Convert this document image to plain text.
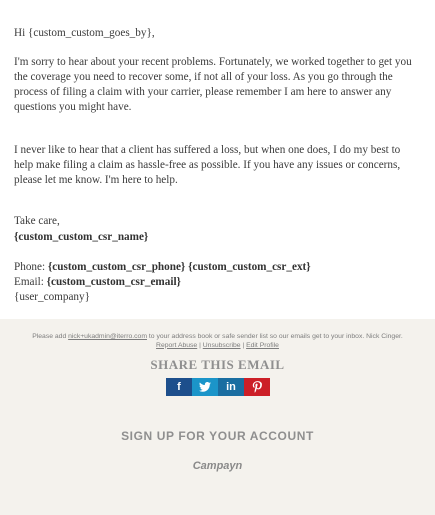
Hi {custom_custom_goes_by},

I'm sorry to hear about your recent problems. Fortunately, we worked together to get you the coverage you need to recover some, if not all of your loss. As you go through the process of filing a claim with your carrier, please remember I am here to answer any questions you might have.

I never like to hear that a client has suffered a loss, but when one does, I do my best to help make filing a claim as hassle-free as possible. If you have any issues or concerns, please let me know. I'm here to help.

Take care,

{custom_custom_csr_name}

Phone: {custom_custom_csr_phone} {custom_custom_csr_ext}

Email: {custom_custom_csr_email}

{user_company}

Please add nick+ukadmin@iterro.com to your address book or safe sender list so our emails get to your inbox. Nick Cinger.
Report Abuse | Unsubscribe | Edit Profile
SHARE THIS EMAIL
f	in
SIGN UP FOR YOUR ACCOUNT
Campayn
